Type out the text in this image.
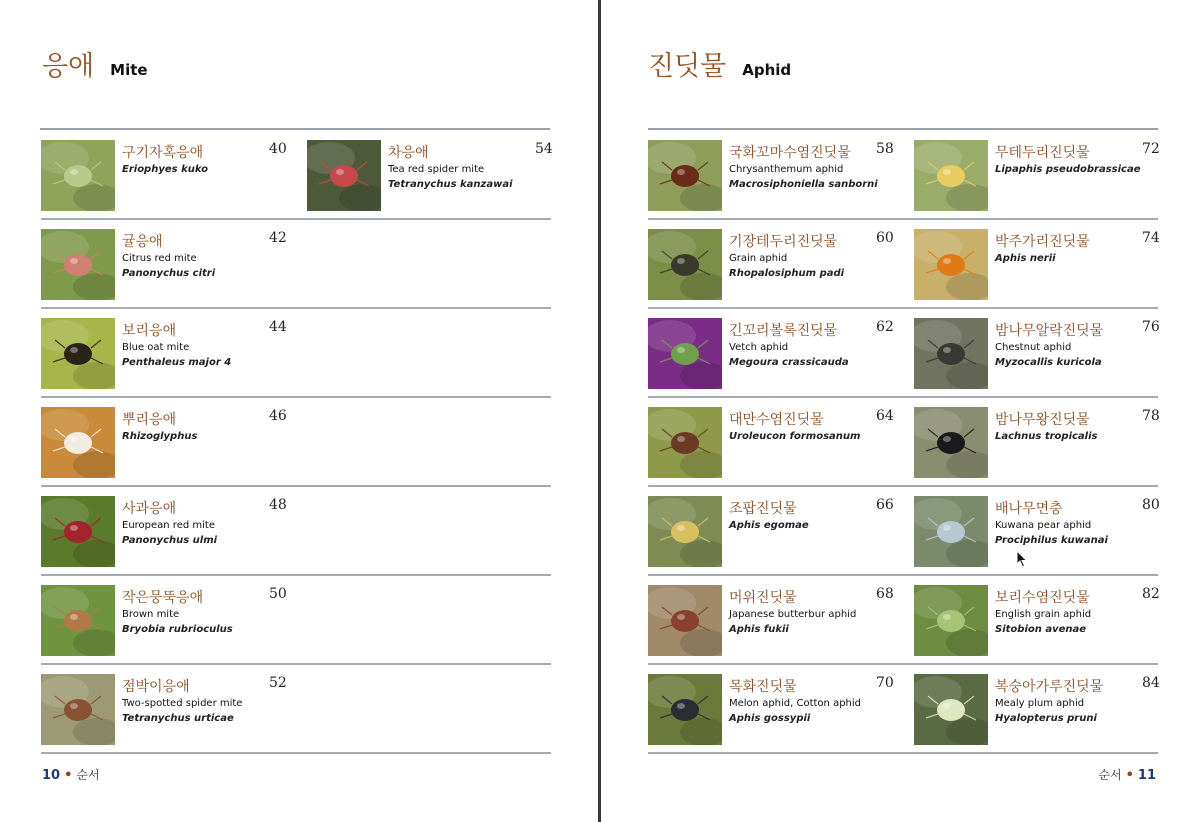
응애 Mite
구기자혹응애
Eriophyes kuko
40
귤응애
Citrus red mite
Panonychus citri
42
보리응애
Blue oat mite
Penthaleus major 4
44
뿌리응애
Rhizoglyphus
46
사과응애
European red mite
Panonychus ulmi
48
작은뭉뚝응애
Brown mite
Bryobia rubrioculus
50
점박이응애
Two-spotted spider mite
Tetranychus urticae
52
차응애
Tea red spider mite
Tetranychus kanzawai
54
10 • 순서
진딧물 Aphid
국화꼬마수염진딧물
Chrysanthemum aphid
Macrosiphoniella sanborni
58
기장테두리진딧물
Grain aphid
Rhopalosiphum padi
60
긴꼬리볼록진딧물
Vetch aphid
Megoura crassicauda
62
대만수염진딧물
Uroleucon formosanum
64
조팝진딧물
Aphis egomae
66
머위진딧물
Japanese butterbur aphid
Aphis fukii
68
목화진딧물
Melon aphid, Cotton aphid
Aphis gossypii
70
무테두리진딧물
Lipaphis pseudobrassicae
72
박주가리진딧물
Aphis nerii
74
밤나무알락진딧물
Chestnut aphid
Myzocallis kuricola
76
밤나무왕진딧물
Lachnus tropicalis
78
배나무면충
Kuwana pear aphid
Prociphilus kuwanai
80
보리수염진딧물
English grain aphid
Sitobion avenae
82
복숭아가루진딧물
Mealy plum aphid
Hyalopterus pruni
84
순서 • 11
